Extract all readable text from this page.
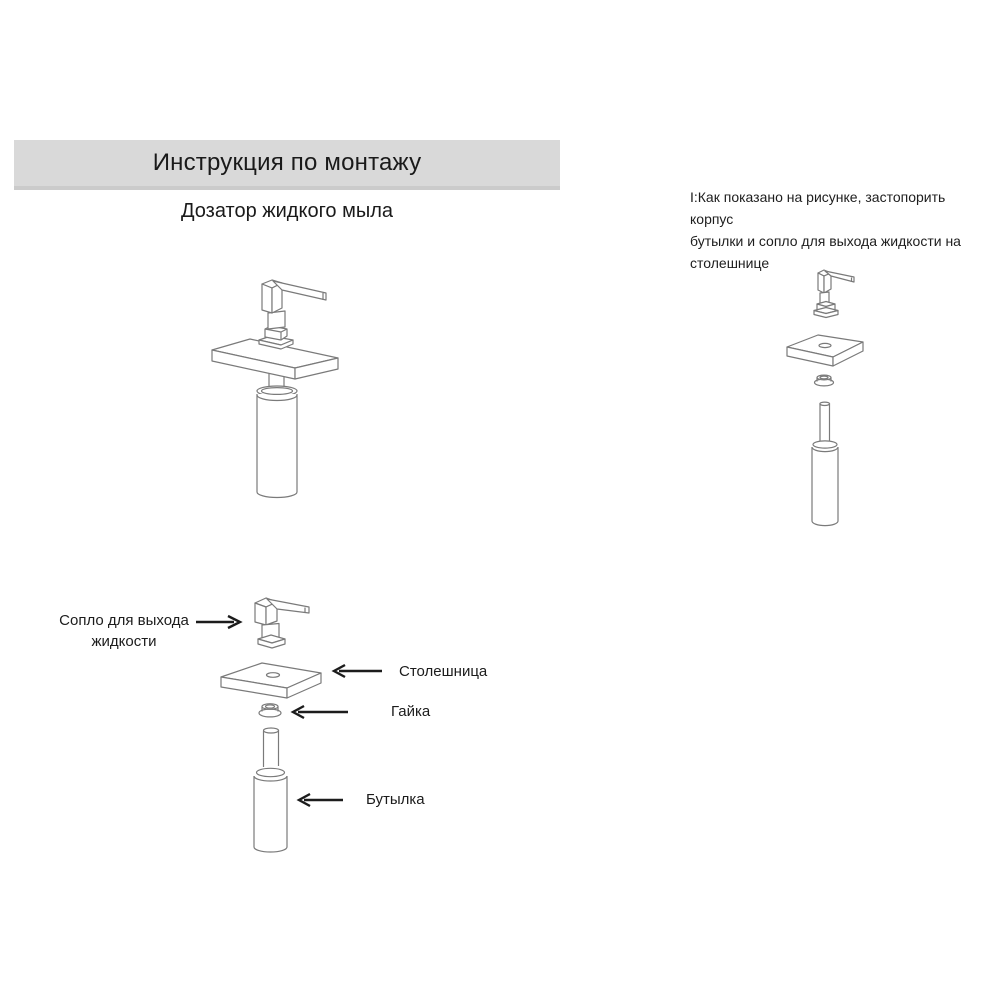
Инструкция по монтажу
Дозатор жидкого мыла
I:Как показано на рисунке, застопорить корпус
бутылки и сопло для выхода жидкости на
столешнице
Сопло для выхода
жидкости
Столешница
Гайка
Бутылка
